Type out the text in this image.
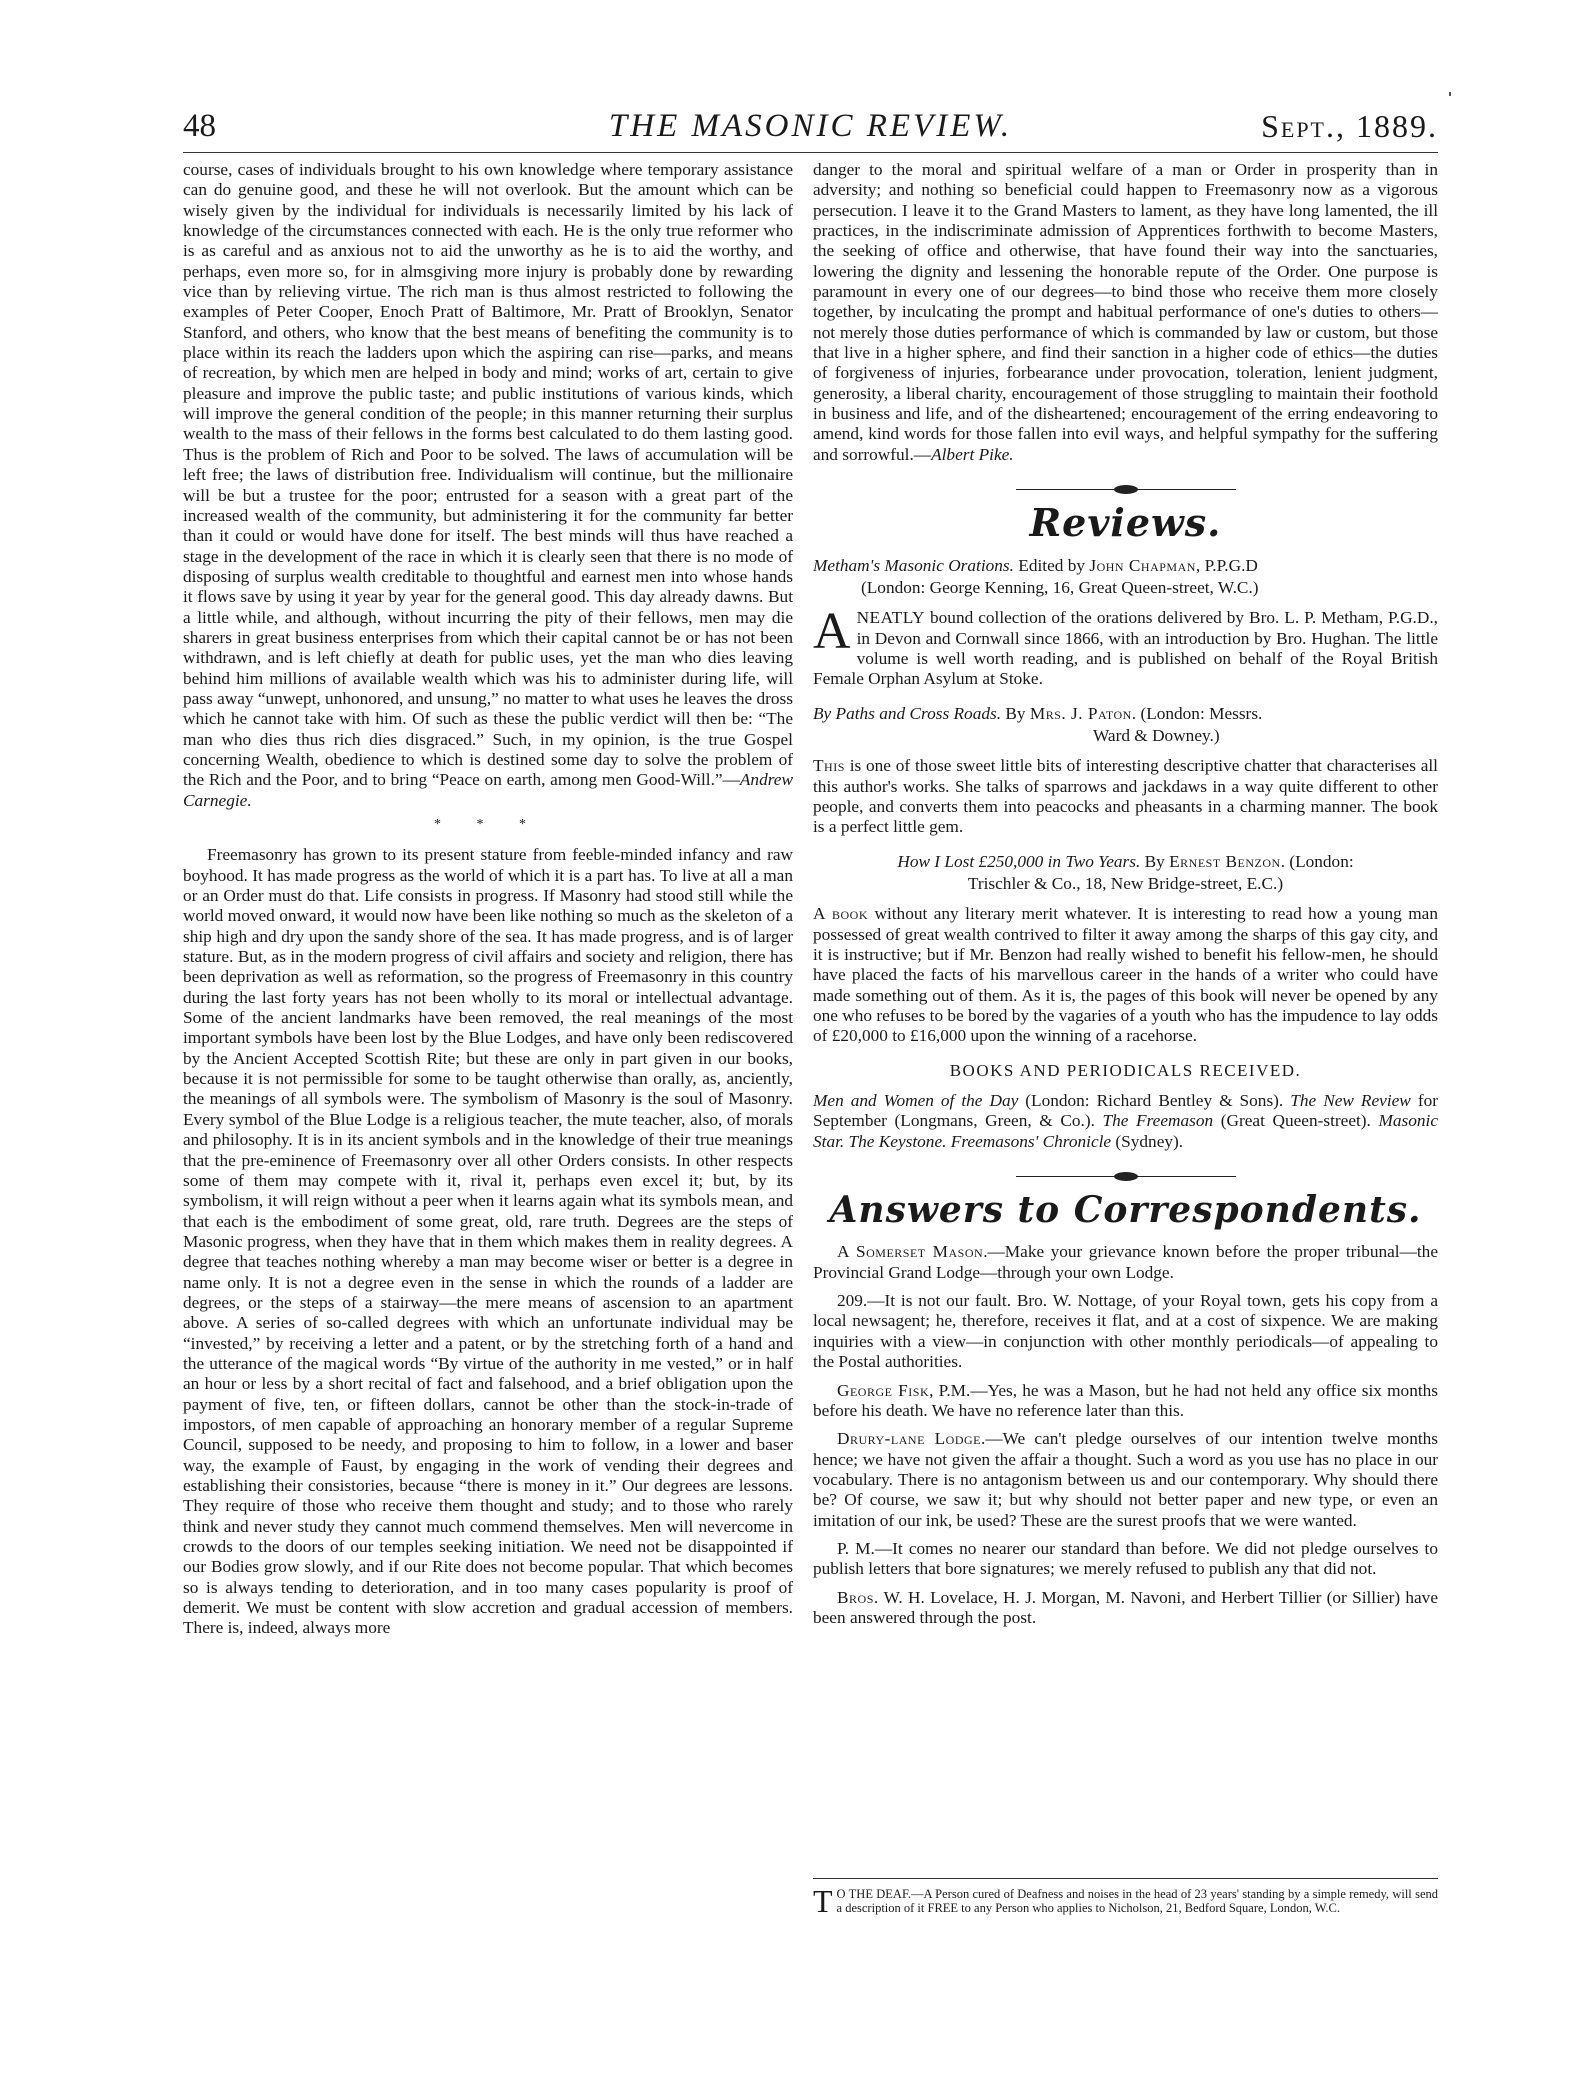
48	THE MASONIC REVIEW.	Sept., 1889.

course, cases of individuals brought to his own knowledge where temporary assistance can do genuine good, and these he will not overlook. But the amount which can be wisely given by the individual for individuals is necessarily limited by his lack of knowledge of the circumstances connected with each. He is the only true reformer who is as careful and as anxious not to aid the unworthy as he is to aid the worthy, and perhaps, even more so, for in almsgiving more injury is probably done by rewarding vice than by relieving virtue. The rich man is thus almost restricted to following the examples of Peter Cooper, Enoch Pratt of Baltimore, Mr. Pratt of Brooklyn, Senator Stanford, and others, who know that the best means of benefiting the community is to place within its reach the ladders upon which the aspiring can rise—parks, and means of recreation, by which men are helped in body and mind; works of art, certain to give pleasure and improve the public taste; and public institutions of various kinds, which will improve the general condition of the people; in this manner returning their surplus wealth to the mass of their fellows in the forms best calculated to do them lasting good. Thus is the problem of Rich and Poor to be solved. The laws of accumulation will be left free; the laws of distribution free. Individualism will continue, but the millionaire will be but a trustee for the poor; entrusted for a season with a great part of the increased wealth of the community, but administering it for the community far better than it could or would have done for itself. The best minds will thus have reached a stage in the development of the race in which it is clearly seen that there is no mode of disposing of surplus wealth creditable to thoughtful and earnest men into whose hands it flows save by using it year by year for the general good. This day already dawns. But a little while, and although, without incurring the pity of their fellows, men may die sharers in great business enterprises from which their capital cannot be or has not been withdrawn, and is left chiefly at death for public uses, yet the man who dies leaving behind him millions of available wealth which was his to administer during life, will pass away “unwept, unhonored, and unsung,” no matter to what uses he leaves the dross which he cannot take with him. Of such as these the public verdict will then be: “The man who dies thus rich dies disgraced.” Such, in my opinion, is the true Gospel concerning Wealth, obedience to which is destined some day to solve the problem of the Rich and the Poor, and to bring “Peace on earth, among men Good-Will.”—Andrew Carnegie.

* * *

Freemasonry has grown to its present stature from feeble-minded infancy and raw boyhood. It has made progress as the world of which it is a part has. To live at all a man or an Order must do that. Life consists in progress. If Masonry had stood still while the world moved onward, it would now have been like nothing so much as the skeleton of a ship high and dry upon the sandy shore of the sea. It has made progress, and is of larger stature. But, as in the modern progress of civil affairs and society and religion, there has been deprivation as well as reformation, so the progress of Freemasonry in this country during the last forty years has not been wholly to its moral or intellectual advantage. Some of the ancient landmarks have been removed, the real meanings of the most important symbols have been lost by the Blue Lodges, and have only been rediscovered by the Ancient Accepted Scottish Rite; but these are only in part given in our books, because it is not permissible for some to be taught otherwise than orally, as, anciently, the meanings of all symbols were. The symbolism of Masonry is the soul of Masonry. Every symbol of the Blue Lodge is a religious teacher, the mute teacher, also, of morals and philosophy. It is in its ancient symbols and in the knowledge of their true meanings that the pre-eminence of Freemasonry over all other Orders consists. In other respects some of them may compete with it, rival it, perhaps even excel it; but, by its symbolism, it will reign without a peer when it learns again what its symbols mean, and that each is the embodiment of some great, old, rare truth. Degrees are the steps of Masonic progress, when they have that in them which makes them in reality degrees. A degree that teaches nothing whereby a man may become wiser or better is a degree in name only. It is not a degree even in the sense in which the rounds of a ladder are degrees, or the steps of a stairway—the mere means of ascension to an apartment above. A series of so-called degrees with which an unfortunate individual may be “invested,” by receiving a letter and a patent, or by the stretching forth of a hand and the utterance of the magical words “By virtue of the authority in me vested,” or in half an hour or less by a short recital of fact and falsehood, and a brief obligation upon the payment of five, ten, or fifteen dollars, cannot be other than the stock-in-trade of impostors, of men capable of approaching an honorary member of a regular Supreme Council, supposed to be needy, and proposing to him to follow, in a lower and baser way, the example of Faust, by engaging in the work of vending their degrees and establishing their consistories, because “there is money in it.” Our degrees are lessons. They require of those who receive them thought and study; and to those who rarely think and never study they cannot much commend themselves. Men will nevercome in crowds to the doors of our temples seeking initiation. We need not be disappointed if our Bodies grow slowly, and if our Rite does not become popular. That which becomes so is always tending to deterioration, and in too many cases popularity is proof of demerit. We must be content with slow accretion and gradual accession of members. There is, indeed, always more

danger to the moral and spiritual welfare of a man or Order in prosperity than in adversity; and nothing so beneficial could happen to Freemasonry now as a vigorous persecution. I leave it to the Grand Masters to lament, as they have long lamented, the ill practices, in the indiscriminate admission of Apprentices forthwith to become Masters, the seeking of office and otherwise, that have found their way into the sanctuaries, lowering the dignity and lessening the honorable repute of the Order. One purpose is paramount in every one of our degrees—to bind those who receive them more closely together, by inculcating the prompt and habitual performance of one's duties to others—not merely those duties performance of which is commanded by law or custom, but those that live in a higher sphere, and find their sanction in a higher code of ethics—the duties of forgiveness of injuries, forbearance under provocation, toleration, lenient judgment, generosity, a liberal charity, encouragement of those struggling to maintain their foothold in business and life, and of the disheartened; encouragement of the erring endeavoring to amend, kind words for those fallen into evil ways, and helpful sympathy for the suffering and sorrowful.—Albert Pike.

Reviews.
Metham's Masonic Orations. Edited by John Chapman, P.P.G.D
(London: George Kenning, 16, Great Queen-street, W.C.)

ANEATLY bound collection of the orations delivered by Bro. L. P. Metham, P.G.D., in Devon and Cornwall since 1866, with an introduction by Bro. Hughan. The little volume is well worth reading, and is published on behalf of the Royal British Female Orphan Asylum at Stoke.

By Paths and Cross Roads. By Mrs. J. Paton. (London: Messrs.
Ward & Downey.)

This is one of those sweet little bits of interesting descriptive chatter that characterises all this author's works. She talks of sparrows and jackdaws in a way quite different to other people, and converts them into peacocks and pheasants in a charming manner. The book is a perfect little gem.

How I Lost £250,000 in Two Years. By Ernest Benzon. (London:
Trischler & Co., 18, New Bridge-street, E.C.)

A book without any literary merit whatever. It is interesting to read how a young man possessed of great wealth contrived to filter it away among the sharps of this gay city, and it is instructive; but if Mr. Benzon had really wished to benefit his fellow-men, he should have placed the facts of his marvellous career in the hands of a writer who could have made something out of them. As it is, the pages of this book will never be opened by any one who refuses to be bored by the vagaries of a youth who has the impudence to lay odds of £20,000 to £16,000 upon the winning of a racehorse.

BOOKS AND PERIODICALS RECEIVED.

Men and Women of the Day (London: Richard Bentley & Sons). The New Review for September (Longmans, Green, & Co.). The Freemason (Great Queen-street). Masonic Star. The Keystone. Freemasons' Chronicle (Sydney).

Answers to Correspondents.

A Somerset Mason.—Make your grievance known before the proper tribunal—the Provincial Grand Lodge—through your own Lodge.

209.—It is not our fault. Bro. W. Nottage, of your Royal town, gets his copy from a local newsagent; he, therefore, receives it flat, and at a cost of sixpence. We are making inquiries with a view—in conjunction with other monthly periodicals—of appealing to the Postal authorities.

George Fisk, P.M.—Yes, he was a Mason, but he had not held any office six months before his death. We have no reference later than this.

Drury-lane Lodge.—We can't pledge ourselves of our intention twelve months hence; we have not given the affair a thought. Such a word as you use has no place in our vocabulary. There is no antagonism between us and our contemporary. Why should there be? Of course, we saw it; but why should not better paper and new type, or even an imitation of our ink, be used? These are the surest proofs that we were wanted.

P. M.—It comes no nearer our standard than before. We did not pledge ourselves to publish letters that bore signatures; we merely refused to publish any that did not.

Bros. W. H. Lovelace, H. J. Morgan, M. Navoni, and Herbert Tillier (or Sillier) have been answered through the post.

T O THE DEAF.—A Person cured of Deafness and noises in the head of 23 years' standing by a simple remedy, will send a description of it FREE to any Person who applies to Nicholson, 21, Bedford Square, London, W.C.
